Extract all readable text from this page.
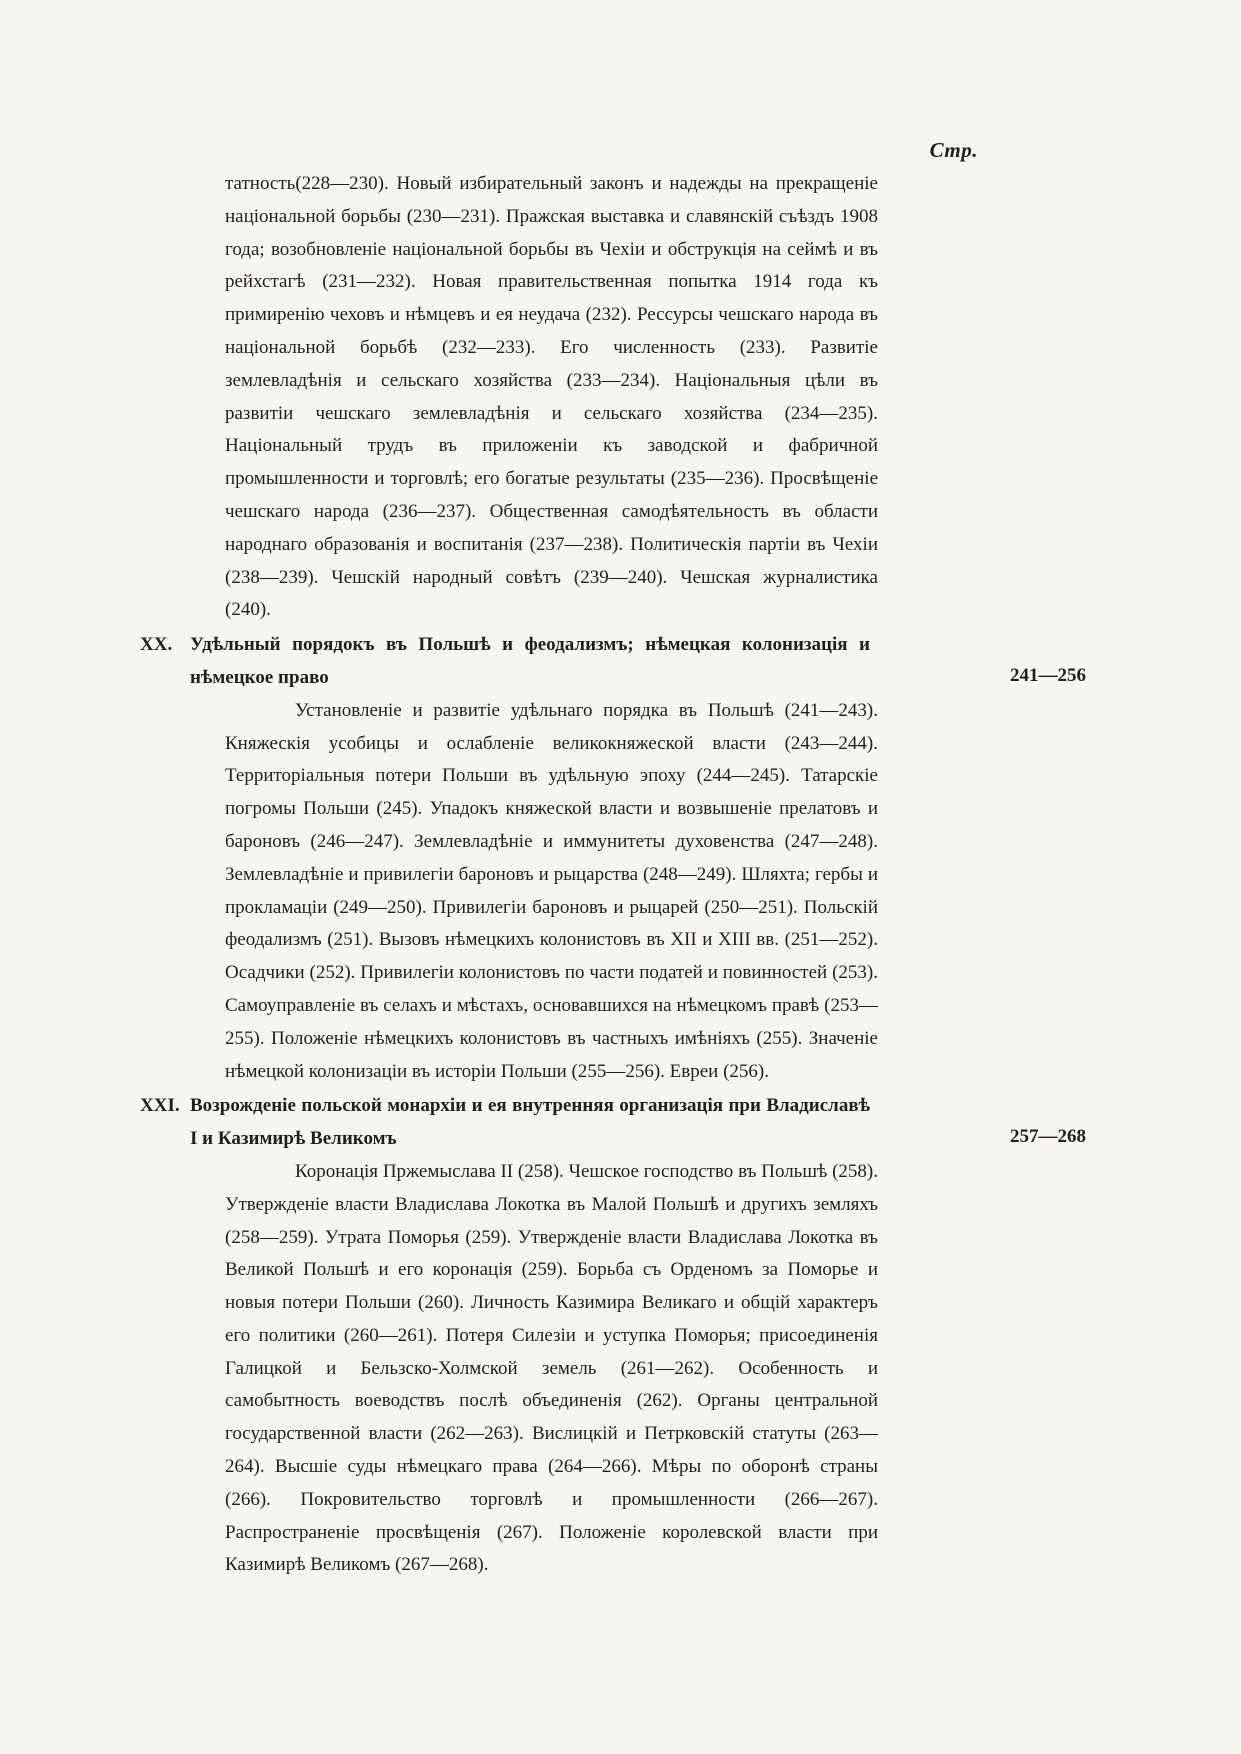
Стр.

татность(228—230). Новый избирательный законъ и надежды на прекращеніе національной борьбы (230—231). Пражская выставка и славянскій съѣздъ 1908 года; возобновленіе національной борьбы въ Чехіи и обструкція на сеймѣ и въ рейхстагѣ (231—232). Новая правительственная попытка 1914 года къ примиренію чеховъ и нѣмцевъ и ея неудача (232). Рессурсы чешскаго народа въ національной борьбѣ (232—233). Его численность (233). Развитіе землевладѣнія и сельскаго хозяйства (233—234). Національныя цѣли въ развитіи чешскаго землевладѣнія и сельскаго хозяйства (234—235). Національный трудъ въ приложеніи къ заводской и фабричной промышленности и торговлѣ; его богатые результаты (235—236). Просвѣщеніе чешскаго народа (236—237). Общественная самодѣятельность въ области народнаго образованія и воспитанія (237—238). Политическія партіи въ Чехіи (238—239). Чешскій народный совѣтъ (239—240). Чешская журналистика (240).

XX. Удѣльный порядокъ въ Польшѣ и феодализмъ; нѣмецкая колонизація и нѣмецкое право	241—256

Установленіе и развитіе удѣльнаго порядка въ Польшѣ (241—243). Княжескія усобицы и ослабленіе великокняжеской власти (243—244). Территоріальныя потери Польши въ удѣльную эпоху (244—245). Татарскіе погромы Польши (245). Упадокъ княжеской власти и возвышеніе прелатовъ и бароновъ (246—247). Землевладѣніе и иммунитеты духовенства (247—248). Землевладѣніе и привилегіи бароновъ и рыцарства (248—249). Шляхта; гербы и прокламаціи (249—250). Привилегіи бароновъ и рыцарей (250—251). Польскій феодализмъ (251). Вызовъ нѣмецкихъ колонистовъ въ XII и XIII вв. (251—252). Осадчики (252). Привилегіи колонистовъ по части податей и повинностей (253). Самоуправленіе въ селахъ и мѣстахъ, основавшихся на нѣмецкомъ правѣ (253—255). Положеніе нѣмецкихъ колонистовъ въ частныхъ имѣніяхъ (255). Значеніе нѣмецкой колонизаціи въ исторіи Польши (255—256). Евреи (256).

XXI. Возрожденіе польской монархіи и ея внутренняя организація при Владиславѣ I и Казимирѣ Великомъ	257—268

Коронація Пржемыслава II (258). Чешское господство въ Польшѣ (258). Утвержденіе власти Владислава Локотка въ Малой Польшѣ и другихъ земляхъ (258—259). Утрата Поморья (259). Утвержденіе власти Владислава Локотка въ Великой Польшѣ и его коронація (259). Борьба съ Орденомъ за Поморье и новыя потери Польши (260). Личность Казимира Великаго и общій характеръ его политики (260—261). Потеря Силезіи и уступка Поморья; присоединенія Галицкой и Бельзско-Холмской земель (261—262). Особенность и самобытность воеводствъ послѣ объединенія (262). Органы центральной государственной власти (262—263). Вислицкій и Петрковскій статуты (263—264). Высшіе суды нѣмецкаго права (264—266). Мѣры по оборонѣ страны (266). Покровительство торговлѣ и промышленности (266—267). Распространеніе просвѣщенія (267). Положеніе королевской власти при Казимирѣ Великомъ (267—268).
